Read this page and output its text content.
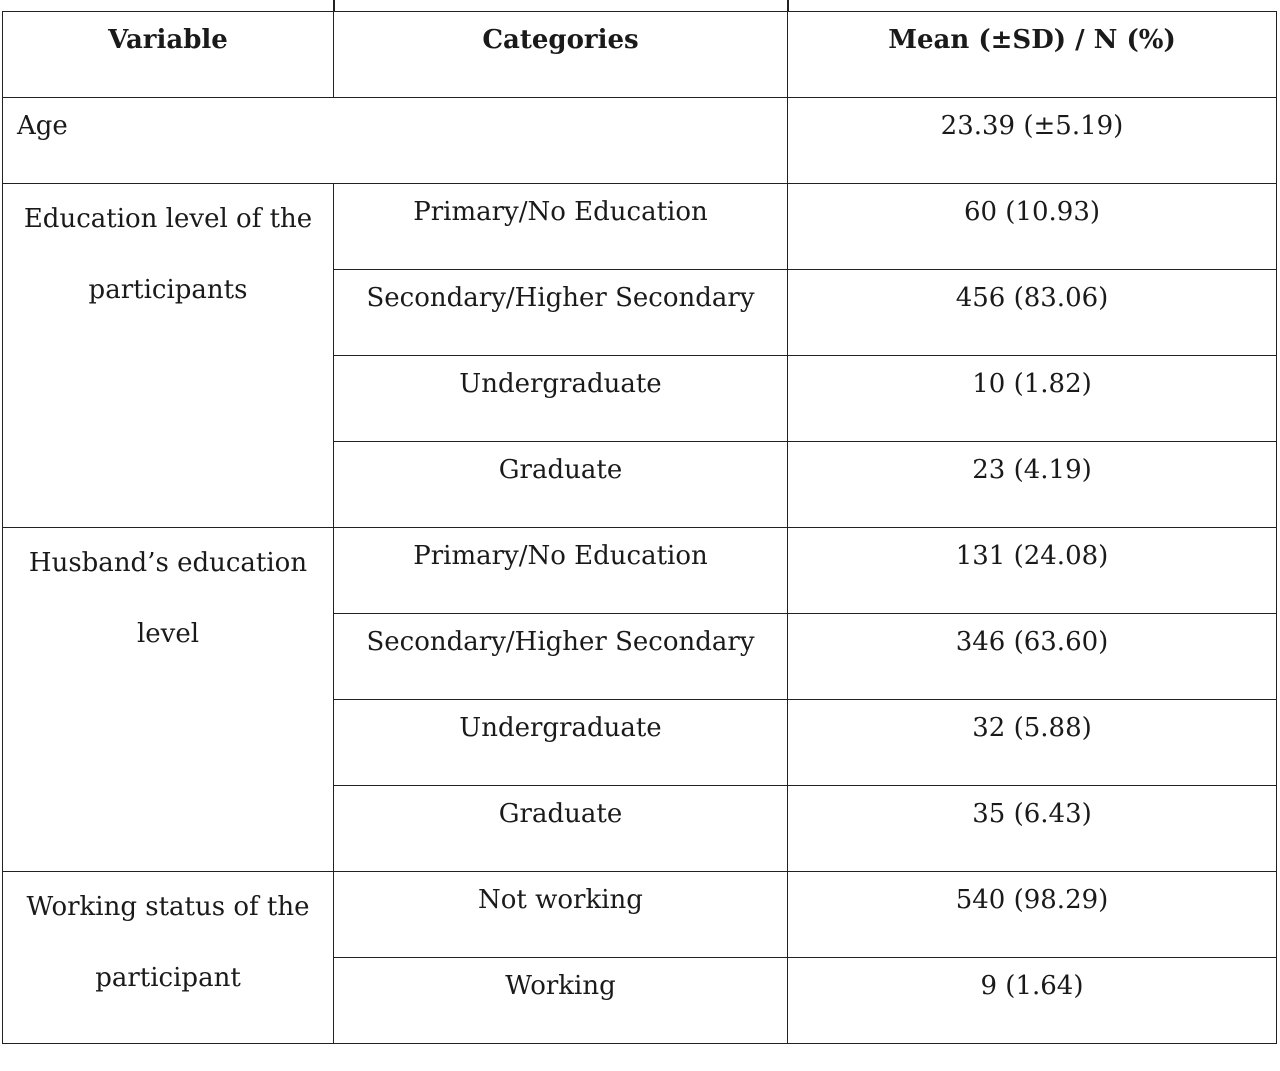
Variable	Categories	Mean (±SD) / N (%)

Age		23.39 (±5.19)

Education level of the participants	Primary/No Education	60 (10.93)

	Secondary/Higher Secondary	456 (83.06)

	Undergraduate	10 (1.82)

	Graduate	23 (4.19)

Husband’s education level	Primary/No Education	131 (24.08)

	Secondary/Higher Secondary	346 (63.60)

	Undergraduate	32 (5.88)

	Graduate	35 (6.43)

Working status of the participant	Not working	540 (98.29)

	Working	9 (1.64)
